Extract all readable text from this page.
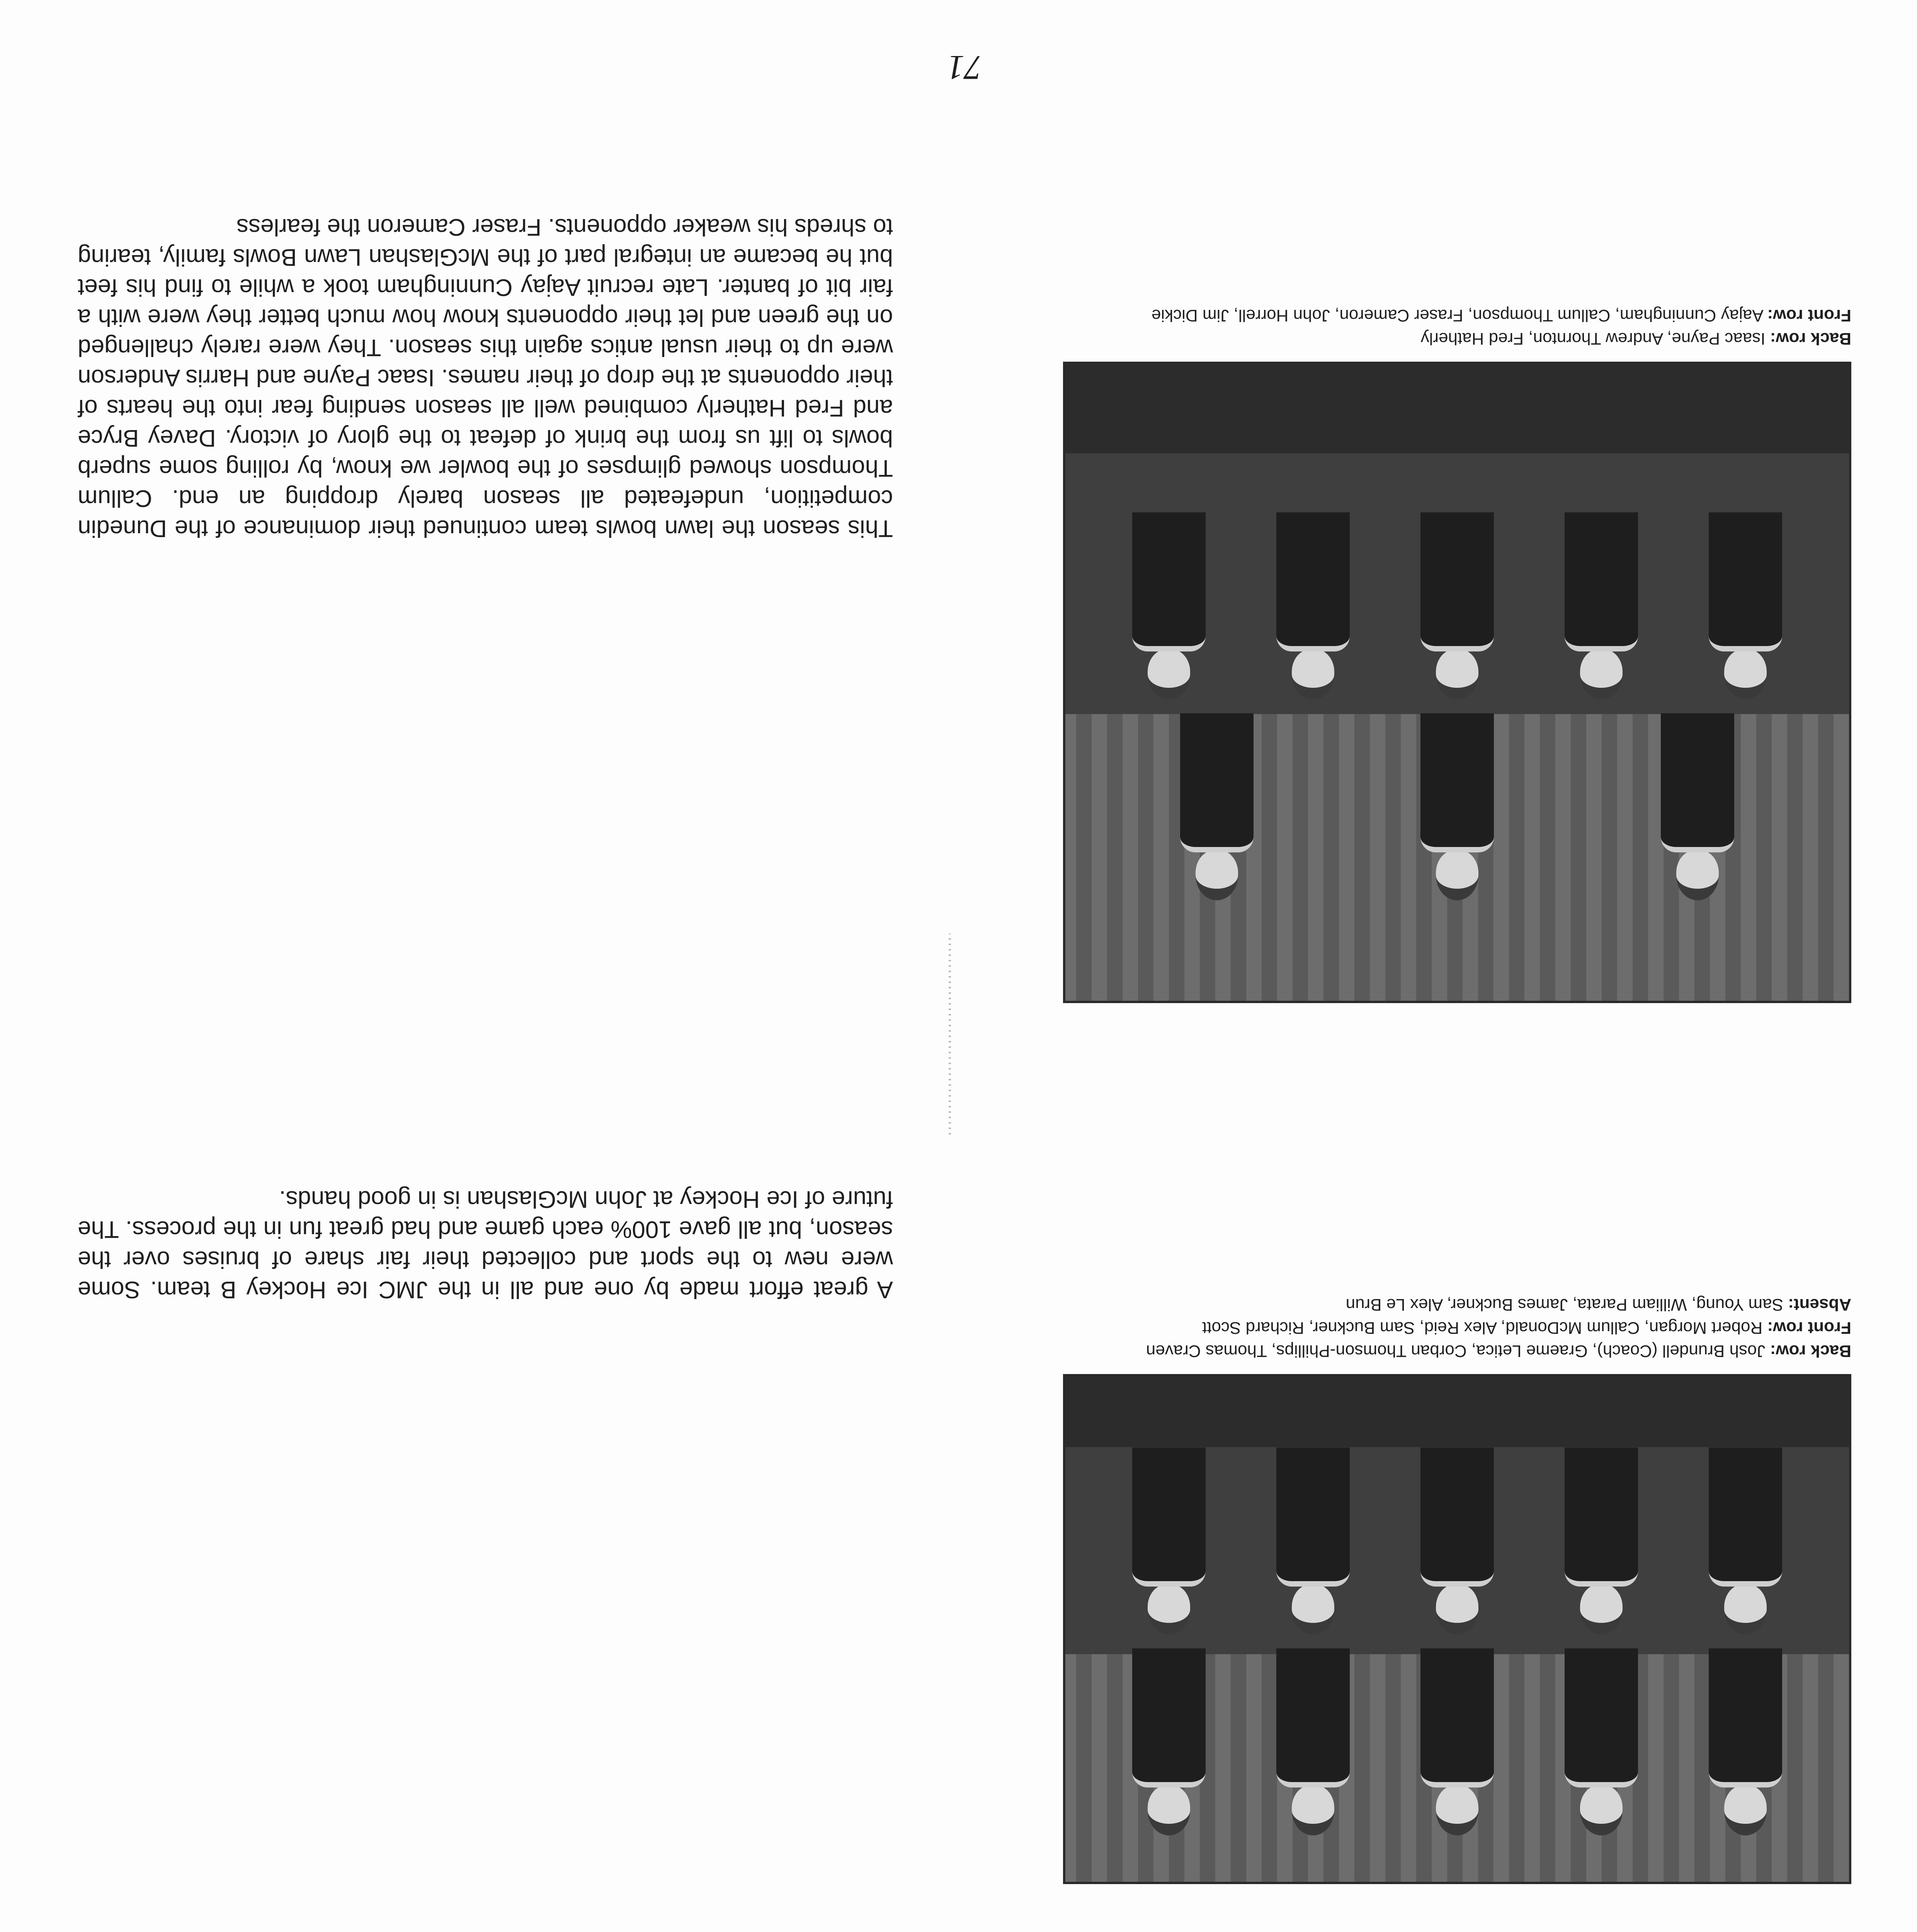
Back row: Josh Brundell (Coach), Graeme Letica, Corban Thomson-Phillips, Thomas Craven
Front row: Robert Morgan, Callum McDonald, Alex Reid, Sam Buckner, Richard Scott
Absent: Sam Young, William Parata, James Buckner, Alex Le Brun
Back row: Isaac Payne, Andrew Thornton, Fred Hatherly
Front row: Aajay Cunningham, Callum Thompson, Fraser Cameron, John Horrell, Jim Dickie

A great effort made by one and all in the JMC Ice Hockey B team. Some were new to the sport and collected their fair share of bruises over the season, but all gave 100% each game and had great fun in the process. The future of Ice Hockey at John McGlashan is in good hands.

This season the lawn bowls team continued their dominance of the Dunedin competition, undefeated all season barely dropping an end. Callum Thompson showed glimpses of the bowler we know, by rolling some superb bowls to lift us from the brink of defeat to the glory of victory. Davey Bryce and Fred Hatherly combined well all season sending fear into the hearts of their opponents at the drop of their names. Isaac Payne and Harris Anderson were up to their usual antics again this season. They were rarely challenged on the green and let their opponents know how much better they were with a fair bit of banter. Late recruit Aajay Cunningham took a while to find his feet but he became an integral part of the McGlashan Lawn Bowls family, tearing to shreds his weaker opponents. Fraser Cameron the fearless

71
